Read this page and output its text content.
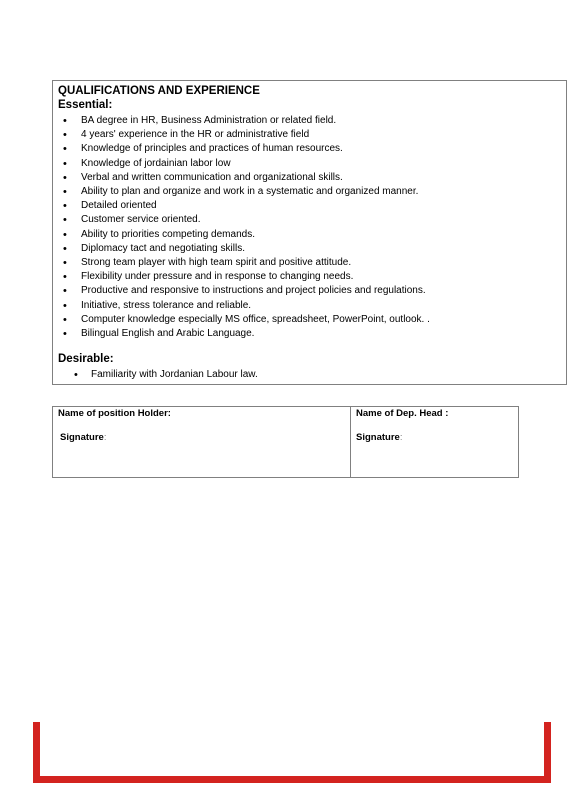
QUALIFICATIONS AND EXPERIENCE
Essential:
• BA degree in HR, Business Administration or related field.
• 4 years' experience in the HR or administrative field
• Knowledge of principles and practices of human resources.
• Knowledge of jordainian labor low
• Verbal and written communication and organizational skills.
• Ability to plan and organize and work in a systematic and organized manner.
• Detailed oriented
• Customer service oriented.
• Ability to priorities competing demands.
• Diplomacy tact and negotiating skills.
• Strong team player with high team spirit and positive attitude.
• Flexibility under pressure and in response to changing needs.
• Productive and responsive to instructions and project policies and regulations.
• Initiative, stress tolerance and reliable.
• Computer knowledge especially MS office, spreadsheet, PowerPoint, outlook. .
• Bilingual English and Arabic Language.
Desirable:
• Familiarity with Jordanian Labour law.
Name of position Holder:
Signature:

Name of Dep. Head :
Signature:
